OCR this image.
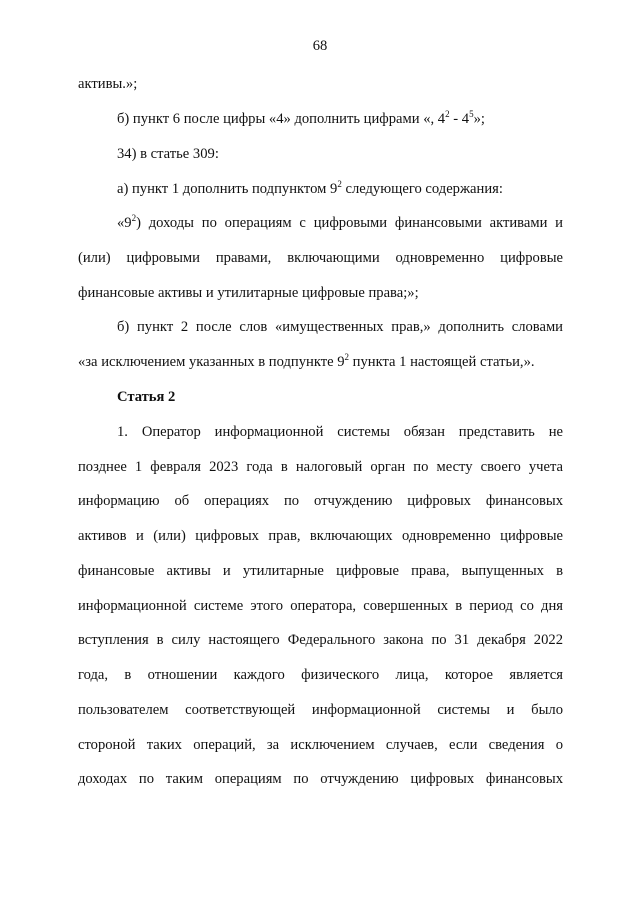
68
активы.»;
б) пункт 6 после цифры «4» дополнить цифрами «, $4^2 - 4^5$»;
34) в статье 309:
а) пункт 1 дополнить подпунктом $9^2$ следующего содержания:
«$9^2$) доходы по операциям с цифровыми финансовыми активами и
(или) цифровыми правами, включающими одновременно цифровые
финансовые активы и утилитарные цифровые права;»;
б) пункт 2 после слов «имущественных прав,» дополнить словами
«за исключением указанных в подпункте $9^2$ пункта 1 настоящей статьи,».
Статья 2
1. Оператор информационной системы обязан представить не
позднее 1 февраля 2023 года в налоговый орган по месту своего учета
информацию об операциях по отчуждению цифровых финансовых
активов и (или) цифровых прав, включающих одновременно цифровые
финансовые активы и утилитарные цифровые права, выпущенных в
информационной системе этого оператора, совершенных в период со дня
вступления в силу настоящего Федерального закона по 31 декабря 2022
года, в отношении каждого физического лица, которое является
пользователем соответствующей информационной системы и было
стороной таких операций, за исключением случаев, если сведения о
доходах по таким операциям по отчуждению цифровых финансовых
